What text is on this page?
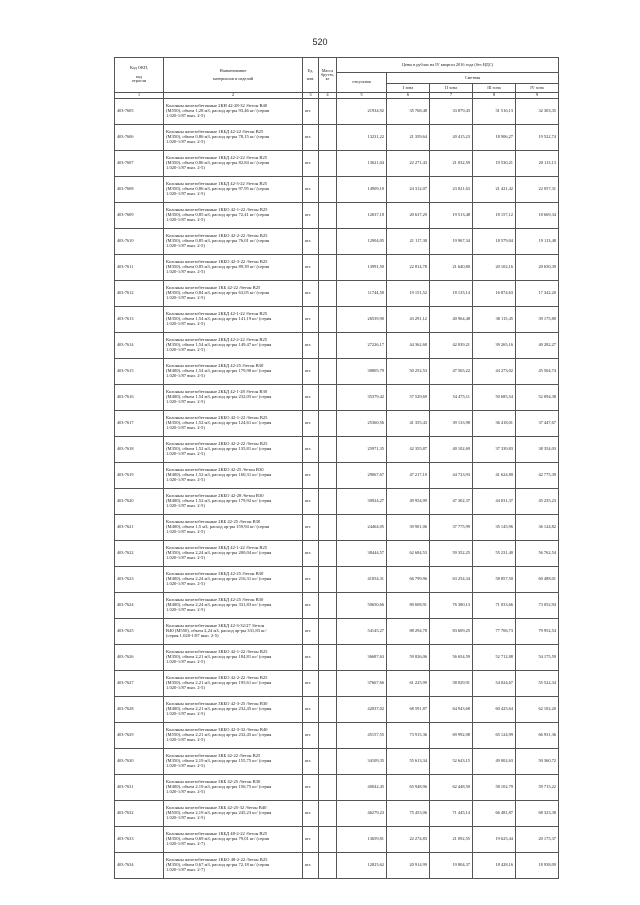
520
Код ОКП,

код
отрасли	Наименование

материалов и изделий	Ед.

изм.	Масса
брутто,
кг	Цены в рублях на IV квартал 2016 года (без НДС)				
				отпускная	Сметная			
					I зона	II зона	III зона	IV зона
1	2	3	4	5	6	7	8	9
403-7605	Колонны железобетонные 2КН 42-28-32 /бетон В40
(М550), объем 1,28 м3, расход ар-ры 93,46 кг/ (серия
1.020-1/87 вып. 2-5)	шт.		21934,92	35 768,48	33 879,43	31 516,13	32 303,35
403-7606	Колонны железобетонные 1КБД 42-22 /бетон В25
(М350), объем 0,86 м3, расход ар-ры 78,15 кг/ (серия
1.020-1/87 вып. 2-5)	шт.		13231,22	21 359,64	20 415,23	18 906,27	19 522,74
403-7607	Колонны железобетонные 1КБД 42-2-22 /бетон В25
(М350), объем 0,86 м3, расход ар-ры 82,84 кг/ (серия
1.020-1/87 вып. 2-5)	шт.		13621,04	22 271,43	21 032,59	19 530,21	20 113,13
403-7608	Колонны железобетонные 1КБД 42-3-22 /бетон В25
(М350), объем 0,86 м3, расход ар-ры 97,95 кг/ (серия
1.020-1/87 вып. 2-5)	шт.		14909,10	24 312,07	23 021,63	21 421,42	22 057,31
403-7609	Колонны железобетонные 1КБО 42-1-22 /бетон В25
(М350), объем 0,85 м3, расход ар-ры 72,41 кг/ (серия
1.020-1/87 вып. 2-5)	шт.		12637,18	20 637,29	19 513,48	18 157,12	18 669,34
403-7610	Колонны железобетонные 1КБО 42-2-22 /бетон В25
(М350), объем 0,85 м3, расход ар-ры 76,01 кг/ (серия
1.020-1/87 вып. 2-5)	шт.		12904,05	21 117,30	19 967,34	18 579,04	19 113,48
403-7611	Колонны железобетонные 1КБО 42-3-22 /бетон В25
(М350), объем 0,85 м3, расход ар-ры 89,39 кг/ (серия
1.020-1/87 вып. 2-5)	шт.		13991,50	22 814,78	21 640,80	20 102,16	20 650,39
403-7612	Колонны железобетонные 1КБ 42-22 /бетон В25
(М350), объем 0,84 м3, расход ар-ры 63,05 кг/ (серия
1.020-1/87 вып. 2-5)	шт.		11744,50	19 151,52	18 135,14	16 874,63	17 342,20
403-7613	Колонны железобетонные 2КБД 42-1-22 /бетон В25
(М350), объем 1,54 м3, расход ар-ры 141,19 кг/ (серия
1.020-1/87 вып. 2-5)	шт.		26539,90	43 291,12	40 964,48	38 115,45	39 175,80
403-7614	Колонны железобетонные 2КБД 42-2-22 /бетон В25
(М350), объем 1,54 м3, расход ар-ры 149,47 кг/ (серия
1.020-1/87 вып. 2-5)	шт.		27226,17	44 362,68	42 039,21	39 265,16	40 282,27
403-7615	Колонны железобетонные 2КБД 42-25 /бетон В30
(М400), объем 1,54 м3, расход ар-ры 179,90 кг/ (серия
1.020-1/87 вып. 2-5)	шт.		30805,79	50 252,53	47 565,22	44 273,02	45 504,74
403-7616	Колонны железобетонные 2КБД 42-1-28 /бетон В30
(М400), объем 1,54 м3, расход ар-ры 232,05 кг/ (серия
1.020-1/87 вып. 2-5)	шт.		35379,42	57 529,69	54 475,11	50 685,54	52 094,38
403-7617	Колонны железобетонные 2КБО 42-1-22 /бетон В25
(М350), объем 1,52 м3, расход ар-ры 124,61 кг/ (серия
1.020-1/87 вып. 2-5)	шт.		25360,56	41 355,43	39 133,98	36 418,01	37 447,67
403-7618	Колонны железобетонные 2КБО 42-2-22 /бетон В25
(М350), объем 1,52 м3, расход ар-ры 135,81 кг/ (серия
1.020-1/87 вып. 2-5)	шт.		25971,35	42 355,87	40 102,69	37 339,83	38 354,03
403-7619	Колонны железобетонные 2КБО 42-25 /бетон В30
(М400), объем 1,52 м3, расход ар-ры 160,31 кг/ (серия
1.020-1/87 вып. 2-5)	шт.		29067,67	47 217,10	44 723,93	41 624,80	42 775,39
403-7620	Колонны железобетонные 2КБО 42-28 /бетон В30
(М400), объем 1,52 м3, расход ар-ры 179,92 кг/ (серия
1.020-1/87 вып. 2-5)	шт.		30924,27	49 954,99	47 302,37	44 031,37	45 235,23
403-7621	Колонны железобетонные 2КБ 42-25 /бетон В30
(М400), объем 1,5 м3, расход ар-ры 159,94 кг/ (серия
1.020-1/87 вып. 2-5)	шт.		24464,05	39 901,06	37 775,99	35 145,96	36 124,82
403-7622	Колонны железобетонные 3КБД 42-1-22 /бетон В25
(М350), объем 2,24 м3, расход ар-ры 200,04 кг/ (серия
1.020-1/87 вып. 2-5)	шт.		38444,57	62 684,53	59 352,25	55 231,40	56 762,54
403-7623	Колонны железобетонные 3КБД 42-25 /бетон В30
(М400), объем 2,24 м3, расход ар-ры 216,31 кг/ (серия
1.020-1/87 вып. 2-5)	шт.		41054,31	66 799,96	63 254,34	58 857,50	60 488,01
403-7624	Колонны железобетонные 3КБД 42-25 /бетон В30
(М400), объем 2,24 м3, расход ар-ры 331,83 кг/ (серия
1.020-1/87 вып. 2-5)	шт.		50650,66	80 608,91	76 380,13	71 033,66	73 052,94
403-7625	Колонны железобетонные 3КБД 42-3-32/27 /бетон
В40 (М550), объем 2,24 м3, расход ар-ры 331,83 кг/
(серия 1.020-1/87 вып. 2-5)	шт.		54145,27	88 294,78	83 609,25	77 706,73	79 952,54
403-7626	Колонны железобетонные 3КБО 42-1-22 /бетон В25
(М350), объем 2,21 м3, расход ар-ры 184,81 кг/ (серия
1.020-1/87 вып. 2-5)	шт.		36687,63	59 826,06	56 654,59	52 712,88	54 175,59
403-7627	Колонны железобетонные 3КБО 42-2-22 /бетон В25
(М350), объем 2,21 м3, расход ар-ры 195,61 кг/ (серия
1.020-1/87 вып. 2-5)	шт.		37667,66	61 225,99	58 029,91	54 024,67	55 522,34
403-7628	Колонны железобетонные 3КБО 42-3-25 /бетон В30
(М400), объем 2,21 м3, расход ар-ры 232,45 кг/ (серия
1.020-1/87 вып. 2-5)	шт.		42037,02	68 591,87	64 943,68	60 425,64	62 102,20
403-7629	Колонны железобетонные 3КБО 42-3-32 /бетон В40
(М550), объем 2,21 м3, расход ар-ры 232,45 кг/ (серия
1.020-1/87 вып. 2-5)	шт.		45157,55	73 915,36	69 992,08	65 124,99	66 931,36
403-7630	Колонны железобетонные 3КБ 42-22 /бетон В25
(М350), объем 2,19 м3, расход ар-ры 155,75 кг/ (серия
1.020-1/87 вып. 2-5)	шт.		34109,35	55 613,34	52 643,15	49 002,63	50 360,72
403-7631	Колонны железобетонные 3КБ 42-25 /бетон В30
(М400), объем 2,19 м3, расход ар-ры 156,75 кг/ (серия
1.020-1/87 вып. 2-5)	шт.		40042,45	65 948,96	62 448,50	58 102,79	59 715,22
403-7632	Колонны железобетонные 3КБ 42-25-32 /бетон В40
(М550), объем 2,19 м3, расход ар-ры 245,23 кг/ (серия
1.020-1/87 вып. 2-5)	шт.		46279,23	75 453,06	71 445,14	66 481,87	68 323,38
403-7633	Колонны железобетонные 1КБД 48-2-22 /бетон В25
(М350), объем 0,69 м3, расход ар-ры 79,01 кг/ (серия
1.020-1/87 вып. 2-7)	шт.		13659,81	22 274,83	21 092,55	19 625,44	20 175,37
403-7634	Колонны железобетонные 1КБО 48-2-22 /бетон В25
(М350), объем 0,67 м3, расход ар-ры 72,18 кг/ (серия
1.020-1/87 вып. 2-7)	шт.		12825,62	20 914,99	19 804,37	18 428,16	18 938,09
